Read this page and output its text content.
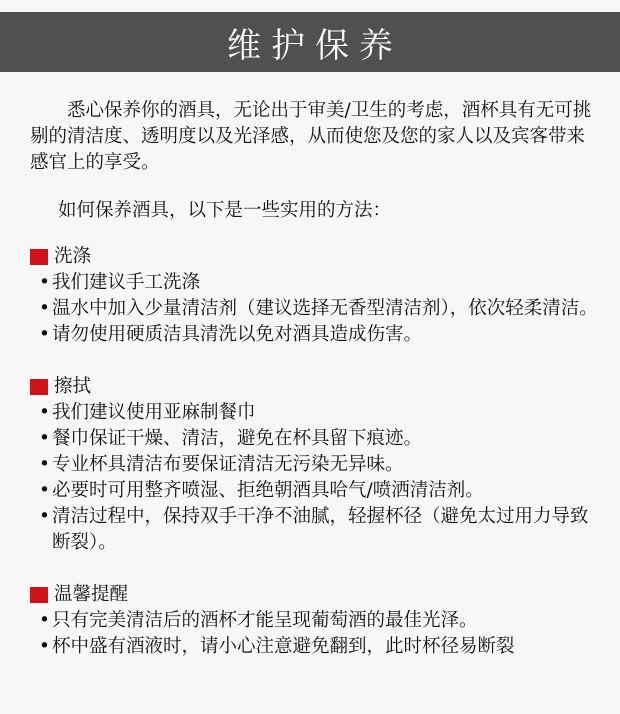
维护保养

悉心保养你的酒具，无论出于审美/卫生的考虑，酒杯具有无可挑剔的清洁度、透明度以及光泽感，从而使您及您的家人以及宾客带来感官上的享受。

如何保养酒具，以下是一些实用的方法：

洗涤
• 我们建议手工洗涤
• 温水中加入少量清洁剂（建议选择无香型清洁剂），依次轻柔清洁。
• 请勿使用硬质洁具清洗以免对酒具造成伤害。
擦拭
• 我们建议使用亚麻制餐巾
• 餐巾保证干燥、清洁，避免在杯具留下痕迹。
• 专业杯具清洁布要保证清洁无污染无异味。
• 必要时可用整齐喷湿、拒绝朝酒具哈气/喷洒清洁剂。
• 清洁过程中，保持双手干净不油腻，轻握杯径（避免太过用力导致断裂）。
温馨提醒
• 只有完美清洁后的酒杯才能呈现葡萄酒的最佳光泽。
• 杯中盛有酒液时，请小心注意避免翻到，此时杯径易断裂
